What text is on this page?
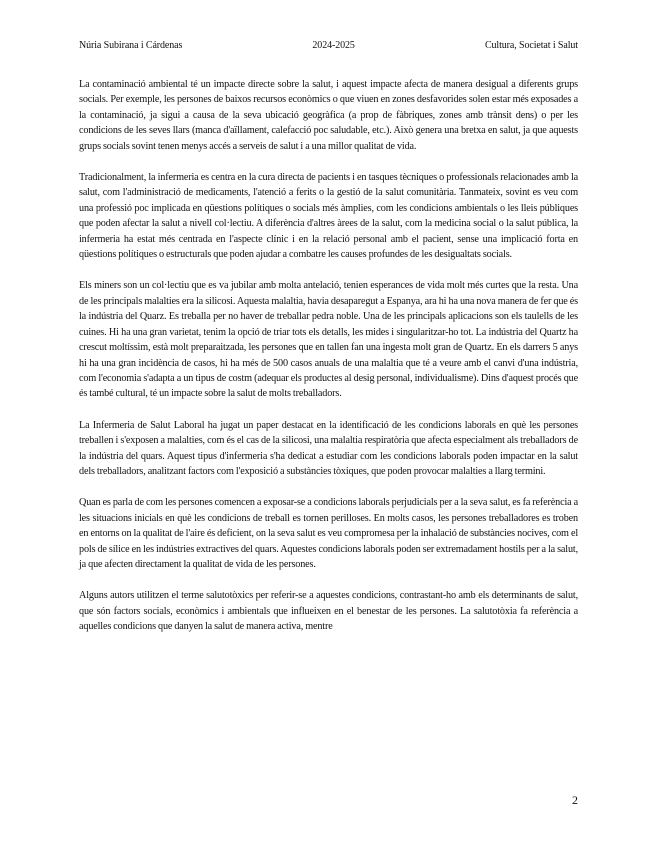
Núria Subirana i Cárdenas	2024-2025	Cultura, Societat i Salut

La contaminació ambiental té un impacte directe sobre la salut, i aquest impacte afecta de manera desigual a diferents grups socials. Per exemple, les persones de baixos recursos econòmics o que viuen en zones desfavorides solen estar més exposades a la contaminació, ja sigui a causa de la seva ubicació geogràfica (a prop de fàbriques, zones amb trànsit dens) o per les condicions de les seves llars (manca d'aïllament, calefacció poc saludable, etc.). Això genera una bretxa en salut, ja que aquests grups socials sovint tenen menys accés a serveis de salut i a una millor qualitat de vida.

Tradicionalment, la infermeria es centra en la cura directa de pacients i en tasques tècniques o professionals relacionades amb la salut, com l'administració de medicaments, l'atenció a ferits o la gestió de la salut comunitària. Tanmateix, sovint es veu com una professió poc implicada en qüestions polítiques o socials més àmplies, com les condicions ambientals o les lleis públiques que poden afectar la salut a nivell col·lectiu. A diferència d'altres àrees de la salut, com la medicina social o la salut pública, la infermeria ha estat més centrada en l'aspecte clínic i en la relació personal amb el pacient, sense una implicació forta en qüestions polítiques o estructurals que poden ajudar a combatre les causes profundes de les desigualtats socials.

Els miners son un col·lectiu que es va jubilar amb molta antelació, tenien esperances de vida molt més curtes que la resta. Una de les principals malalties era la silicosi. Aquesta malaltia, havia desaparegut a Espanya, ara hi ha una nova manera de fer que és la indústria del Quarz. Es treballa per no haver de treballar pedra noble. Una de les principals aplicacions son els taulells de les cuines. Hi ha una gran varietat, tenim la opció de triar tots els detalls, les mides i singularitzar-ho tot. La indústria del Quartz ha crescut moltíssim, està molt preparaitzada, les persones que en tallen fan una ingesta molt gran de Quartz. En els darrers 5 anys hi ha una gran incidència de casos, hi ha més de 500 casos anuals de una malaltia que té a veure amb el canvi d'una indústria, com l'economia s'adapta a un tipus de costm (adequar els productes al desig personal, individualisme). Dins d'aquest procés que és també cultural, té un impacte sobre la salut de molts treballadors.

La Infermeria de Salut Laboral ha jugat un paper destacat en la identificació de les condicions laborals en què les persones treballen i s'exposen a malalties, com és el cas de la silicosi, una malaltia respiratòria que afecta especialment als treballadors de la indústria del quars. Aquest tipus d'infermeria s'ha dedicat a estudiar com les condicions laborals poden impactar en la salut dels treballadors, analitzant factors com l'exposició a substàncies tòxiques, que poden provocar malalties a llarg termini.

Quan es parla de com les persones comencen a exposar-se a condicions laborals perjudicials per a la seva salut, es fa referència a les situacions inicials en què les condicions de treball es tornen perilloses. En molts casos, les persones treballadores es troben en entorns on la qualitat de l'aire és deficient, on la seva salut es veu compromesa per la inhalació de substàncies nocives, com el pols de sílice en les indústries extractives del quars. Aquestes condicions laborals poden ser extremadament hostils per a la salut, ja que afecten directament la qualitat de vida de les persones.

Alguns autors utilitzen el terme salutotòxics per referir-se a aquestes condicions, contrastant-ho amb els determinants de salut, que són factors socials, econòmics i ambientals que influeixen en el benestar de les persones. La salutotòxia fa referència a aquelles condicions que danyen la salut de manera activa, mentre

2
